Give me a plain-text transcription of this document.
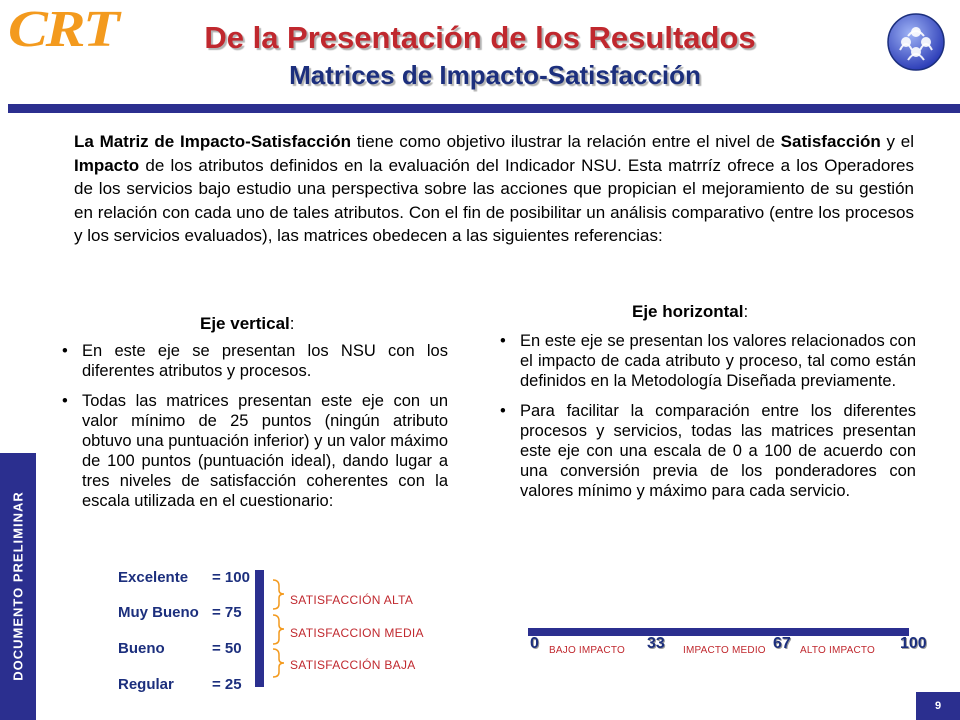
CRT	De la Presentación de los Resultados
Matrices de Impacto-Satisfacción
La Matriz de Impacto-Satisfacción tiene como objetivo ilustrar la relación entre el nivel de Satisfacción y el Impacto de los atributos definidos en la evaluación del Indicador NSU. Esta matrríz ofrece a los Operadores de los servicios bajo estudio una perspectiva sobre las acciones que propician el mejoramiento de su gestión en relación con cada uno de tales atributos. Con el fin de posibilitar un análisis comparativo (entre los procesos y los servicios evaluados), las matrices obedecen a las siguientes referencias:
Eje vertical:
• En este eje se presentan los NSU con los diferentes atributos y procesos.
• Todas las matrices presentan este eje con un valor mínimo de 25 puntos (ningún atributo obtuvo una puntuación inferior) y un valor máximo de 100 puntos (puntuación ideal), dando lugar a tres niveles de satisfacción coherentes con la escala utilizada en el cuestionario:
Eje horizontal:
• En este eje se presentan los valores relacionados con el impacto de cada atributo y proceso, tal como están definidos en la Metodología Diseñada previamente.
• Para facilitar la comparación entre los diferentes procesos y servicios, todas las matrices presentan este eje con una escala de 0 a 100 de acuerdo con una conversión previa de los ponderadores con valores mínimo y máximo para cada servicio.
Excelente = 100
Muy Bueno = 75
Bueno	= 50
Regular	= 25
SATISFACCIÓN ALTA
SATISFACCION MEDIA
SATISFACCIÓN BAJA
0	33	67	100
BAJO IMPACTO	IMPACTO MEDIO	ALTO IMPACTO
DOCUMENTO PRELIMINAR
9
